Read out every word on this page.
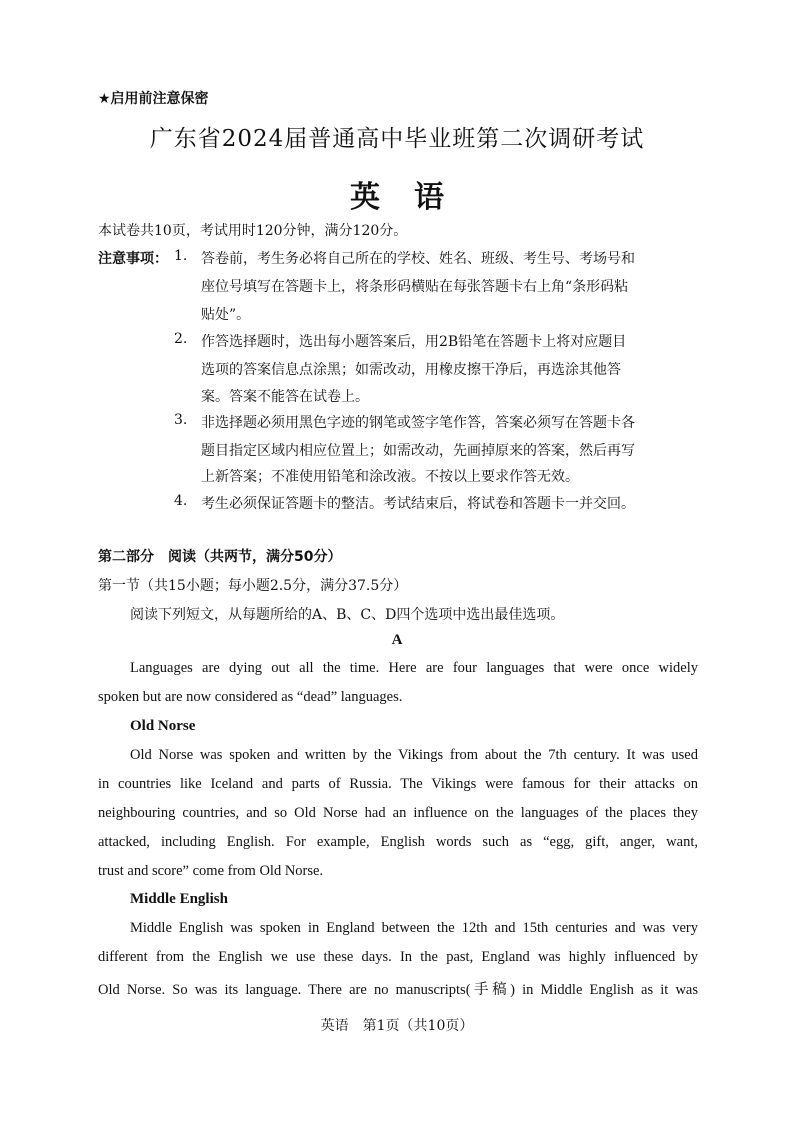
★启用前注意保密
广东省2024届普通高中毕业班第二次调研考试
英语
本试卷共10页，考试用时120分钟，满分120分。
注意事项： 1. 答卷前，考生务必将自己所在的学校、姓名、班级、考生号、考场号和
座位号填写在答题卡上，将条形码横贴在每张答题卡右上角“条形码粘
贴处”。
2. 作答选择题时，选出每小题答案后，用2B铅笔在答题卡上将对应题目
选项的答案信息点涂黑；如需改动，用橡皮擦干净后，再选涂其他答
案。答案不能答在试卷上。
3. 非选择题必须用黑色字迹的钢笔或签字笔作答，答案必须写在答题卡各
题目指定区域内相应位置上；如需改动，先画掉原来的答案，然后再写
上新答案；不准使用铅笔和涂改液。不按以上要求作答无效。
4. 考生必须保证答题卡的整洁。考试结束后，将试卷和答题卡一并交回。
第二部分　阅读（共两节，满分50分）
第一节（共15小题；每小题2.5分，满分37.5分）
阅读下列短文，从每题所给的A、B、C、D四个选项中选出最佳选项。
A
Languages are dying out all the time. Here are four languages that were once widely
spoken but are now considered as “dead” languages.
Old Norse
Old Norse was spoken and written by the Vikings from about the 7th century. It was used
in countries like Iceland and parts of Russia. The Vikings were famous for their attacks on
neighbouring countries, and so Old Norse had an influence on the languages of the places they
attacked, including English. For example, English words such as “egg, gift, anger, want,
trust and score” come from Old Norse.
Middle English
Middle English was spoken in England between the 12th and 15th centuries and was very
different from the English we use these days. In the past, England was highly influenced by
Old Norse. So was its language. There are no manuscripts(手稿) in Middle English as it was
英语　第1页（共10页）
